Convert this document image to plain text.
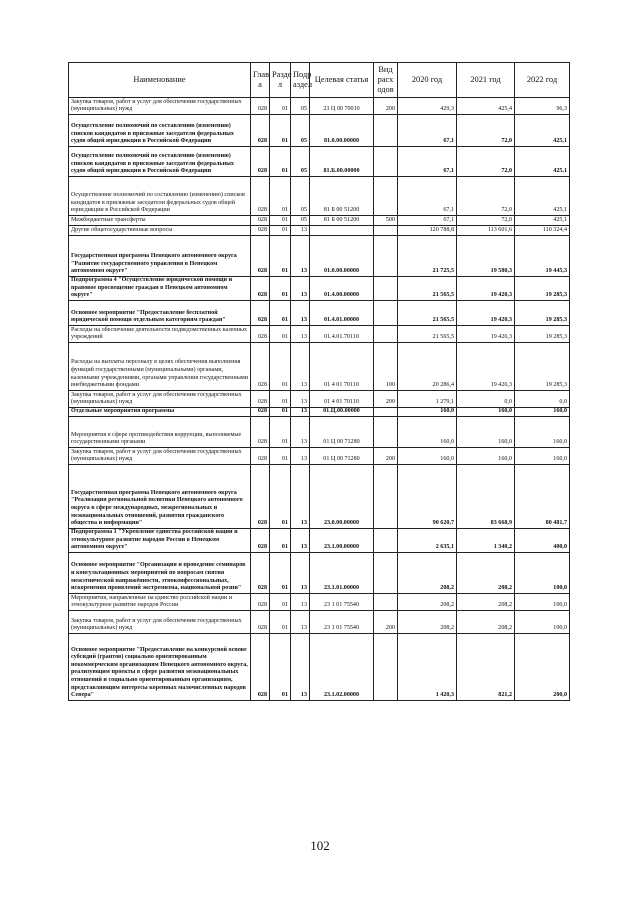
Наименование	Глав а	Разде л	Подр аздел	Целевая статья	Вид расх одов	2020 год	2021 год	2022 год
Закупка товаров, работ и услуг для обеспечения государственных (муниципальных) нужд	028	01	05	23 Ц 00 70010	200	429,3	425,4	96,3
Осуществление полномочий по составлению (изменению) списков кандидатов в присяжные заседатели федеральных судов общей юрисдикции в Российской Федерации	028	01	05	81.0.00.00000		67,1	72,0	425,1
Осуществление полномочий по составлению (изменению) списков кандидатов в присяжные заседатели федеральных судов общей юрисдикции в Российской Федерации	028	01	05	81.Б.00.00000		67,1	72,0	425,1
Осуществление полномочий по составлению (изменению) списков кандидатов в присяжные заседатели федеральных судов общей юрисдикции в Российской Федерации	028	01	05	81 Б 00 51200		67,1	72,0	425,1
Межбюджетные трансферты	028	01	05	81 Б 00 51200	500	67,1	72,0	425,1
Другие общегосударственные вопросы	028	01	13			120 788,8	113 601,6	110 324,4
Государственная программа Ненецкого автономного округа "Развитие государственного управления в Ненецком автономном округе"	028	01	13	01.0.00.00000		21 725,5	19 580,3	19 445,3
Подпрограмма 4 "Осуществление юридической помощи и правовое просвещение граждан в Ненецком автономном округе"	028	01	13	01.4.00.00000		21 565,5	19 420,3	19 285,3
Основное мероприятие "Предоставление бесплатной юридической помощи отдельным категориям граждан"	028	01	13	01.4.01.00000		21 565,5	19 420,3	19 285,3
Расходы на обеспечение деятельности подведомственных казенных учреждений	028	01	13	01.4.01.70110		21 565,5	19 420,3	19 285,3
Расходы на выплаты персоналу в целях обеспечения выполнения функций государственными (муниципальными) органами, казенными учреждениями, органами управления государственными внебюджетными фондами	028	01	13	01 4 01 70110	100	20 286,4	19 420,3	19 285,3
Закупка товаров, работ и услуг для обеспечения государственных (муниципальных) нужд	028	01	13	01 4 01 70110	200	1 279,1	0,0	0,0
Отдельные мероприятия программы	028	01	13	01.Ц.00.00000		160,0	160,0	160,0
Мероприятия в сфере противодействия коррупции, выполняемые государственными органами	028	01	13	01 Ц 00 71280		160,0	160,0	160,0
Закупка товаров, работ и услуг для обеспечения государственных (муниципальных) нужд	028	01	13	01 Ц 00 71280	200	160,0	160,0	160,0
Государственная программа Ненецкого автономного округа "Реализация региональной политики Ненецкого автономного округа в сфере международных, межрегиональных и межнациональных отношений, развития гражданского общества и информации"	028	01	13	23.0.00.00000		90 620,7	83 668,9	80 481,7
Подпрограмма 1 "Укрепление единства российской нации и этнокультурное развитие народов России в Ненецком автономном округе"	028	01	13	23.1.00.00000		2 635,1	1 340,2	400,0
Основное мероприятие "Организация и проведение семинаров и консультационных мероприятий по вопросам снятия межэтнической напряжённости, этноконфессиональных, искоренения проявлений экстремизма, национальной розни"	028	01	13	23.1.01.00000		208,2	208,2	100,0
Мероприятия, направленные на единство российской нации и этнокультурное развитие народов России	028	01	13	23 1 01 75540		208,2	208,2	100,0
Закупка товаров, работ и услуг для обеспечения государственных (муниципальных) нужд	028	01	13	23 1 01 75540	200	208,2	208,2	100,0
Основное мероприятие "Предоставление на конкурсной основе субсидий (грантов) социально ориентированным некоммерческим организациям Ненецкого автономного округа, реализующим проекты в сфере развития межнациональных отношений и социально ориентированным организациям, представляющим интересы коренных малочисленных народов Севера"	028	01	13	23.1.02.00000		1 420,3	821,2	200,0
102
